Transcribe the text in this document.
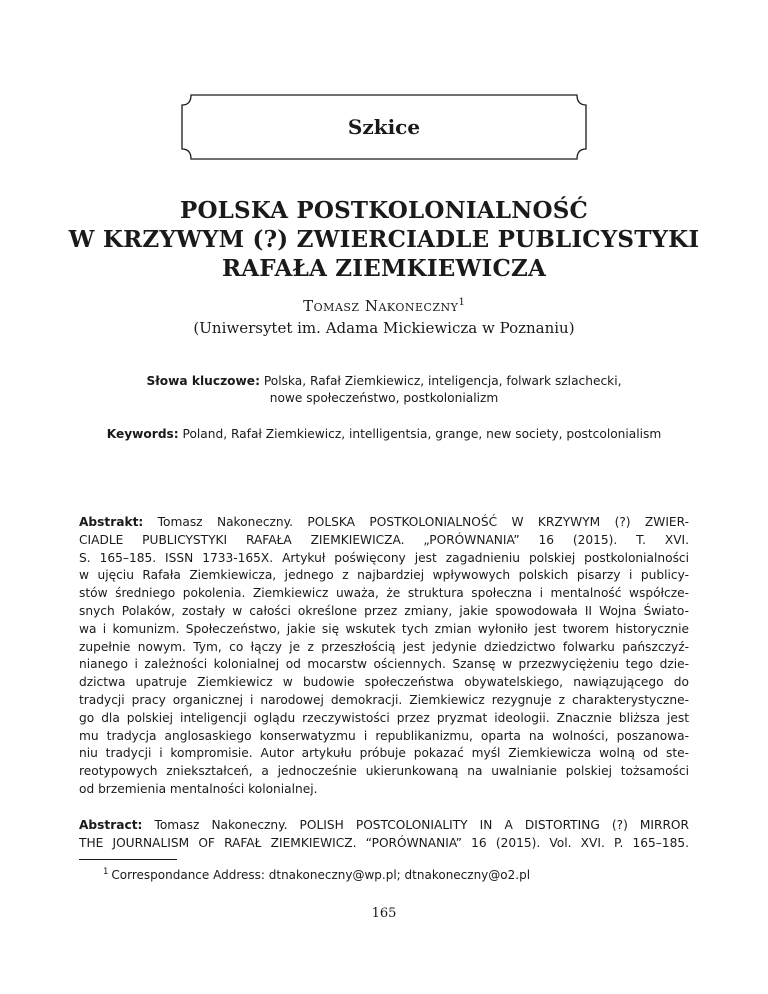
Szkice
POLSKA POSTKOLONIALNOŚĆ
W KRZYWYM (?) ZWIERCIADLE PUBLICYSTYKI
RAFAŁA ZIEMKIEWICZA
Tomasz Nakoneczny$^1$
(Uniwersytet im. Adama Mickiewicza w Poznaniu)
Słowa kluczowe: Polska, Rafał Ziemkiewicz, inteligencja, folwark szlachecki,
nowe społeczeństwo, postkolonializm
Keywords: Poland, Rafał Ziemkiewicz, intelligentsia, grange, new society, postcolonialism
Abstrakt: Tomasz Nakoneczny. POLSKA POSTKOLONIALNOŚĆ W KRZYWYM (?) ZWIER-
CIADLE PUBLICYSTYKI RAFAŁA ZIEMKIEWICZA. „PORÓWNANIA” 16 (2015). T. XVI.
S. 165–185. ISSN 1733-165X. Artykuł poświęcony jest zagadnieniu polskiej postkolonialności
w ujęciu Rafała Ziemkiewicza, jednego z najbardziej wpływowych polskich pisarzy i publicy-
stów średniego pokolenia. Ziemkiewicz uważa, że struktura społeczna i mentalność współcze-
snych Polaków, zostały w całości określone przez zmiany, jakie spowodowała II Wojna Świato-
wa i komunizm. Społeczeństwo, jakie się wskutek tych zmian wyłoniło jest tworem historycznie
zupełnie nowym. Tym, co łączy je z przeszłością jest jedynie dziedzictwo folwarku pańszczyź-
nianego i zależności kolonialnej od mocarstw ościennych. Szansę w przezwyciężeniu tego dzie-
dzictwa upatruje Ziemkiewicz w budowie społeczeństwa obywatelskiego, nawiązującego do
tradycji pracy organicznej i narodowej demokracji. Ziemkiewicz rezygnuje z charakterystyczne-
go dla polskiej inteligencji oglądu rzeczywistości przez pryzmat ideologii. Znacznie bliższa jest
mu tradycja anglosaskiego konserwatyzmu i republikanizmu, oparta na wolności, poszanowa-
niu tradycji i kompromisie. Autor artykułu próbuje pokazać myśl Ziemkiewicza wolną od ste-
reotypowych zniekształceń, a jednocześnie ukierunkowaną na uwalnianie polskiej tożsamości
od brzemienia mentalności kolonialnej.
Abstract: Tomasz Nakoneczny. POLISH POSTCOLONIALITY IN A DISTORTING (?) MIRROR
THE JOURNALISM OF RAFAŁ ZIEMKIEWICZ. “PORÓWNANIA” 16 (2015). Vol. XVI. P. 165–185.
$^1$ Correspondance Address: dtnakoneczny@wp.pl; dtnakoneczny@o2.pl
165
